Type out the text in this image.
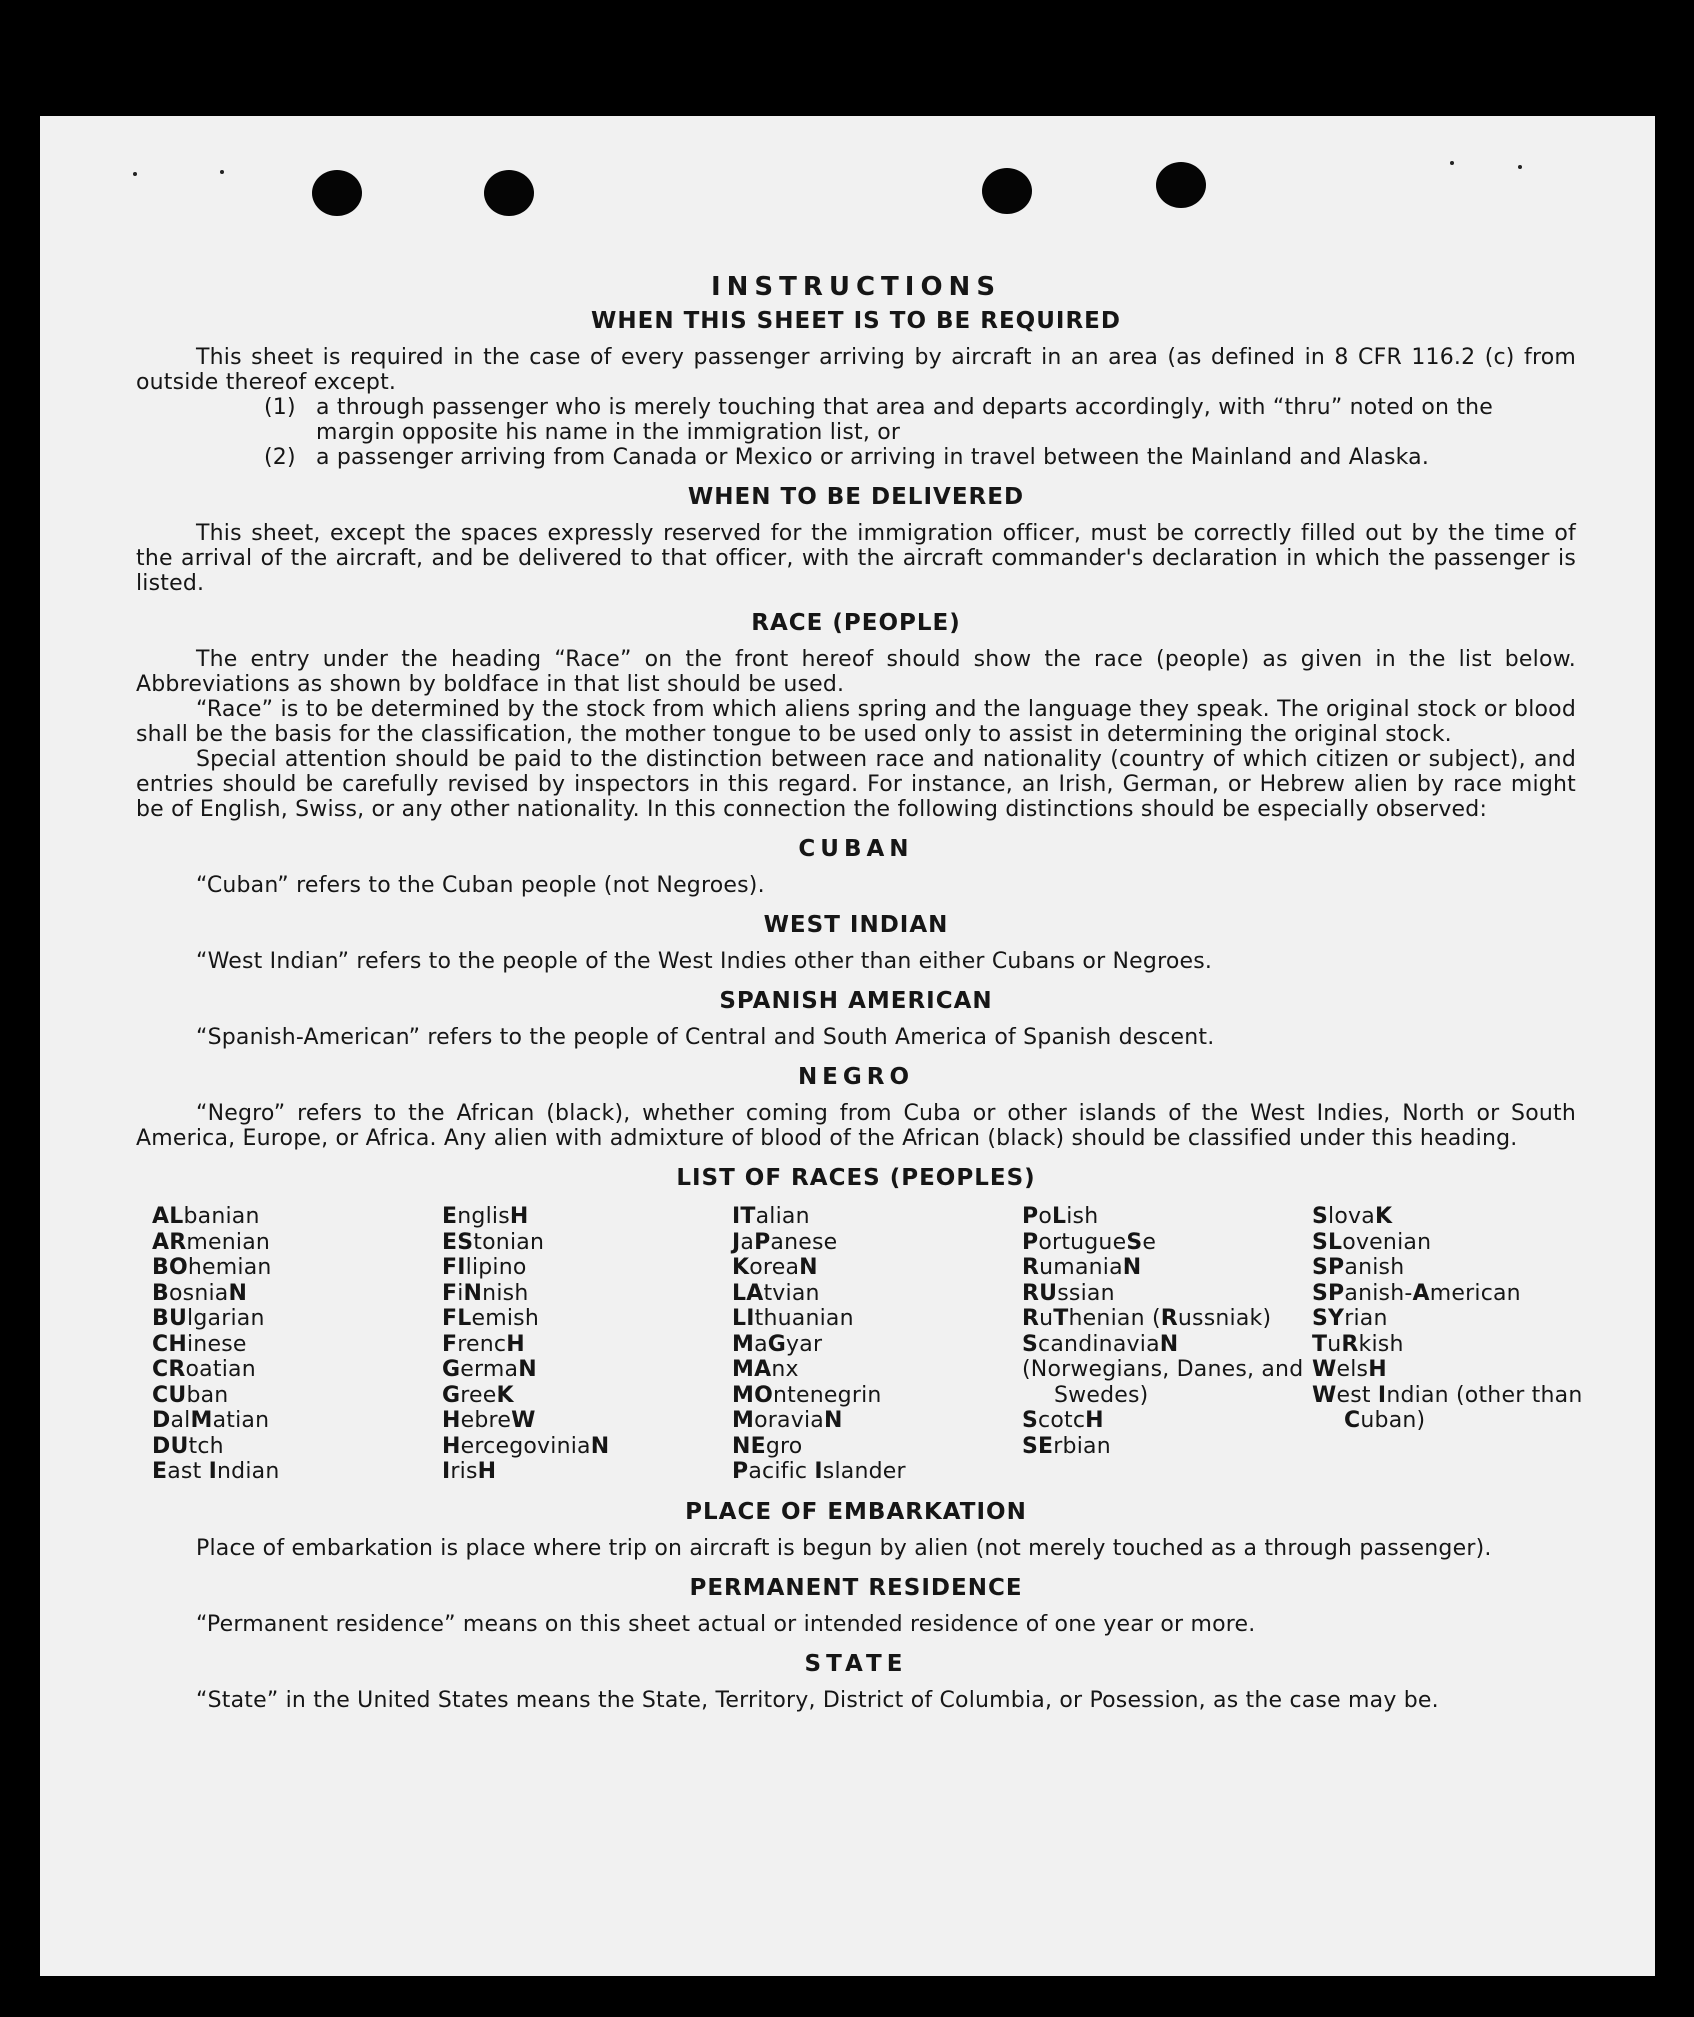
INSTRUCTIONS
WHEN THIS SHEET IS TO BE REQUIRED

This sheet is required in the case of every passenger arriving by aircraft in an area (as defined in 8 CFR 116.2 (c) from outside thereof except.

(1) a through passenger who is merely touching that area and departs accordingly, with “thru” noted on the margin opposite his name in the immigration list, or

(2) a passenger arriving from Canada or Mexico or arriving in travel between the Mainland and Alaska.

WHEN TO BE DELIVERED

This sheet, except the spaces expressly reserved for the immigration officer, must be correctly filled out by the time of the arrival of the aircraft, and be delivered to that officer, with the aircraft commander's declaration in which the passenger is listed.

RACE (PEOPLE)

The entry under the heading “Race” on the front hereof should show the race (people) as given in the list below. Abbreviations as shown by boldface in that list should be used.

“Race” is to be determined by the stock from which aliens spring and the language they speak. The original stock or blood shall be the basis for the classification, the mother tongue to be used only to assist in determining the original stock.

Special attention should be paid to the distinction between race and nationality (country of which citizen or subject), and entries should be carefully revised by inspectors in this regard. For instance, an Irish, German, or Hebrew alien by race might be of English, Swiss, or any other nationality. In this connection the following distinctions should be especially observed:

CUBAN

“Cuban” refers to the Cuban people (not Negroes).

WEST INDIAN

“West Indian” refers to the people of the West Indies other than either Cubans or Negroes.

SPANISH AMERICAN

“Spanish-American” refers to the people of Central and South America of Spanish descent.

NEGRO

“Negro” refers to the African (black), whether coming from Cuba or other islands of the West Indies, North or South America, Europe, or Africa. Any alien with admixture of blood of the African (black) should be classified under this heading.

LIST OF RACES (PEOPLES)
ALbanian
ARmenian
BOhemian
BosniaN
BUlgarian
CHinese
CRoatian
CUban
DalMatian
DUtch
East Indian
EnglisH
EStonian
FIlipino
FiNnish
FLemish
FrencH
GermaN
GreeK
HebreW
HercegoviniaN
IrisH
ITalian
JaPanese
KoreaN
LAtvian
LIthuanian
MaGyar
MAnx
MOntenegrin
MoraviaN
NEgro
Pacific Islander
PoLish
PortugueSe
RumaniaN
RUssian
RuThenian (Russniak)
ScandinaviaN
(Norwegians, Danes, and Swedes)
ScotcH
SErbian
SlovaK
SLovenian
SPanish
SPanish-American
SYrian
TuRkish
WelsH
West Indian (other than Cuban)
PLACE OF EMBARKATION

Place of embarkation is place where trip on aircraft is begun by alien (not merely touched as a through passenger).

PERMANENT RESIDENCE

“Permanent residence” means on this sheet actual or intended residence of one year or more.

STATE

“State” in the United States means the State, Territory, District of Columbia, or Posession, as the case may be.
